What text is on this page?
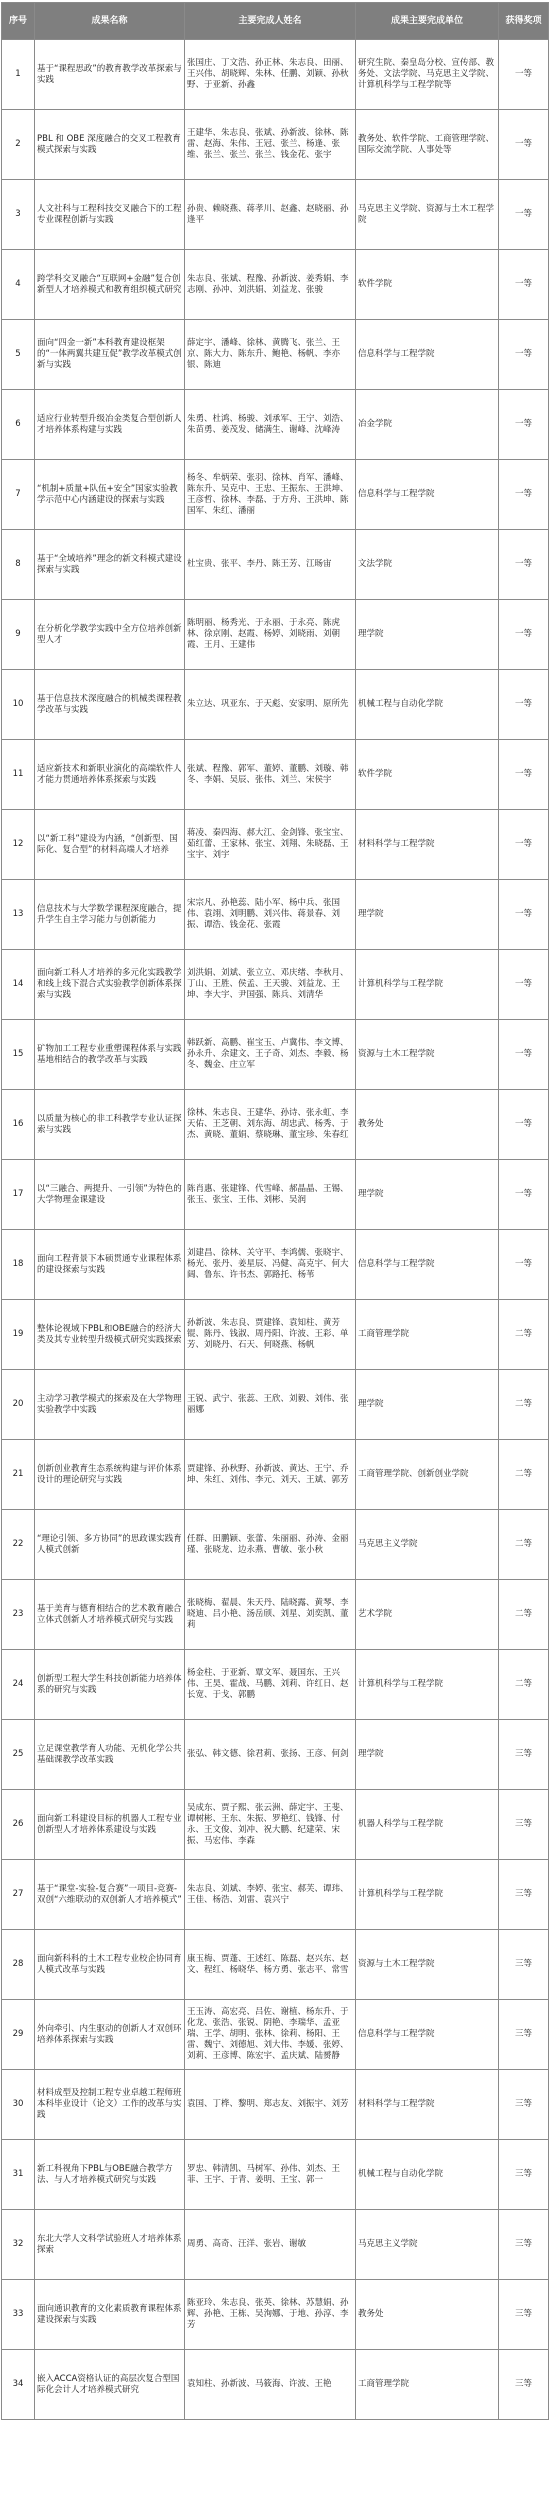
序号	成果名称	主要完成人姓名	成果主要完成单位	获得奖项
1	基于“课程思政”的教育教学改革探索与实践	张国庄、丁文浩、孙正林、朱志良、田丽、王兴伟、胡晓辉、朱林、任鹏、刘颖、孙秋野、于亚新、孙鑫	研究生院、秦皇岛分校、宣传部、教务处、文法学院、马克思主义学院、计算机科学与工程学院等	一等
2	PBL 和 OBE 深度融合的交叉工程教育模式探索与实践	王建华、朱志良、张斌、孙新波、徐林、陈雷、赵海、朱伟、王冠、张兰、杨逢、张维、张兰、张兰、张兰、钱金花、张宇	教务处、软件学院、工商管理学院、国际交流学院、人事处等	一等
3	人文社科与工程科技交叉融合下的工程专业课程创新与实践	孙贵、赖晓燕、蒋孝川、赵鑫、赵晓丽、孙逢平	马克思主义学院、资源与土木工程学院	一等
4	跨学科交叉融合“互联网+金融”复合创新型人才培养模式和教育组织模式研究	朱志良、张斌、程豫、孙新波、姜秀娟、李志刚、孙冲、刘洪娟、刘益龙、张骏	软件学院	一等
5	面向“四金一新”本科教育建设框架的“一体两翼共建互促”教学改革模式创新与实践	薛定宇、潘峰、徐林、黄腾飞、张兰、王京、陈大力、陈东升、鲍艳、杨帆、李亦银、陈迪	信息科学与工程学院	一等
6	适应行业转型升级冶金类复合型创新人才培养体系构建与实践	朱勇、杜鸿、杨骏、刘承军、王宁、刘浩、朱苗勇、姜茂发、储满生、谢峰、沈峰涛	冶金学院	一等
7	“机制+质量+队伍+安全”国家实验教学示范中心内涵建设的探索与实践	杨冬、牟炳荣、张羽、徐林、肖军、潘峰、陈东升、吴克中、王忠、王振东、王洪坤、王彦哲、徐林、李磊、于方舟、王洪坤、陈国军、朱红、潘丽	信息科学与工程学院	一等
8	基于“全域培养”理念的新文科模式建设探索与实践	杜宝贵、张平、李丹、陈王芳、江旸宙	文法学院	一等
9	在分析化学教学实践中全方位培养创新型人才	陈明丽、杨秀光、于永丽、于永亮、陈虎林、徐京刚、赵霞、杨婷、刘晓雨、刘朝霞、王月、王建伟	理学院	一等
10	基于信息技术深度融合的机械类课程教学改革与实践	朱立达、巩亚东、于天彪、安家明、原所先	机械工程与自动化学院	一等
11	适应新技术和新职业演化的高端软件人才能力贯通培养体系探索与实践	张斌、程豫、郭军、董婷、董鹏、刘璇、韩冬、李娟、吴辰、张伟、刘兰、宋侯宇	软件学院	一等
12	以“新工科”建设为内涵，“创新型、国际化、复合型”的材料高端人才培养	蒋凌、秦四海、郝大江、金剑锋、张宝宝、茹红蕾、王家林、张宝、刘翔、朱晓磊、王宝宇、刘宇	材料科学与工程学院	一等
13	信息技术与大学数学课程深度融合，提升学生自主学习能力与创新能力	宋宗凡、孙艳蕊、陆小军、杨中兵、张国伟、袁翊、刘明鹏、刘兴伟、蒋景春、刘振、谭浩、钱金花、张霞	理学院	一等
14	面向新工科人才培养的多元化实践教学和线上线下混合式实验教学创新体系探索与实践	刘洪娟、刘斌、张立立、邓庆绪、李秋月、丁山、王胜、侯孟、王天骏、刘益龙、王坤、李大宇、尹国强、陈兵、刘清华	计算机科学与工程学院	一等
15	矿物加工工程专业重塑课程体系与实践基地相结合的教学改革与实践	韩跃新、高鹏、崔宝玉、卢冀伟、李文博、孙永升、余建文、王子奇、刘杰、李毅、杨冬、魏金、庄立军	资源与土木工程学院	一等
16	以质量为核心的非工科教学专业认证探索与实践	徐林、朱志良、王建华、孙诗、张永虹、李天佑、王芝朝、刘东海、胡忠武、杨秀、于杰、黄晓、董娟、蔡晓琳、董宝珍、朱春红	教务处	一等
17	以“三融合、两提升、一引领”为特色的大学物理金课建设	陈肖惠、张建锋、代雪峰、郝晶晶、王锡、张玉、张宝、王伟、刘彬、吴润	理学院	一等
18	面向工程背景下本硕贯通专业课程体系的建设探索与实践	刘建昌、徐林、关守平、李鸿儒、张晓宇、杨光、张丹、姜星辰、冯健、高克宇、何大阔、鲁东、许书杰、郭路托、杨苇	信息科学与工程学院	一等
19	整体论视域下PBL和OBE融合的经济大类及其专业转型升级模式研究实践探索	孙新波、朱志良、贾建锋、袁知柱、黄芳锟、陈丹、钱淑、周丹阳、许波、王彩、单芳、刘晓丹、石天、何晓燕、杨帆	工商管理学院	二等
20	主动学习教学模式的探索及在大学物理实验教学中实践	王锐、武宁、张蕊、王欣、刘毅、刘伟、张丽娜	理学院	二等
21	创新创业教育生态系统构建与评价体系设计的理论研究与实践	贾建锋、孙秋野、孙新波、黄达、王宁、乔坤、朱红、刘伟、李元、刘天、王斌、郭芳	工商管理学院、创新创业学院	二等
22	“理论引领、多方协同”的思政课实践育人模式创新	任群、田鹏颖、张蕾、朱丽丽、孙涛、金丽瑾、张晓龙、边永燕、曹敏、张小秋	马克思主义学院	二等
23	基于美育与德育相结合的艺术教育融合立体式创新人才培养模式研究与实践	张晓梅、翟晨、朱天丹、陆晓露、黄琴、李晓迪、吕小艳、汤岳颀、刘星、刘奕凯、董莉	艺术学院	二等
24	创新型工程大学生科技创新能力培养体系的研究与实践	杨金柱、于亚新、覃文军、聂国东、王兴伟、王昊、霍战、马鹏、刘莉、许红日、赵长宽、于戈、郭鹏	计算机科学与工程学院	二等
25	立足课堂教学育人功能、无机化学公共基础课教学改革实践	张弘、韩文德、徐君莉、张扬、王彦、何剑	理学院	三等
26	面向新工科建设目标的机器人工程专业创新型人才培养体系建设与实践	吴成东、贾子熙、张云洲、薛定宇、王斐、谭树彬、王东、朱振、罗艳红、钱锋、付永、王文俊、刘冲、祝大鹏、纪建荣、宋振、马宏伟、李森	机器人科学与工程学院	三等
27	基于“课堂-实验-复合赛”一项目-竞赛-双创“六维联动的双创新人才培养模式”	朱志良、刘斌、李婷、张宝、郝芙、谭玮、王佳、杨浩、刘雷、袁兴宁	计算机科学与工程学院	三等
28	面向新科科的土木工程专业校企协同育人模式改革与实践	康玉梅、贾蓬、王述红、陈磊、赵兴东、赵文、程红、杨晓华、杨方勇、张志平、常雪	资源与土木工程学院	三等
29	外向牵引、内生驱动的创新人才双创环培养体系探索与实践	王玉涛、高宏亮、吕佐、谢植、杨东升、于化龙、张浩、张锐、阴艳、李瑞华、孟亚瑞、王学、胡明、张林、徐莉、杨阳、王雷、魏宁、刘德旭、刘大伟、李媛、张婷、刘莉、王彦博、陈宏宇、孟庆斌、陆赟静	信息科学与工程学院	三等
30	材料成型及控制工程专业卓越工程师班本科毕业设计（论文）工作的改革与实践	袁国、丁桦、黎明、郑志友、刘振宇、刘芳	材料科学与工程学院	三等
31	新工科视角下PBL与OBE融合教学方法、与人才培养模式研究与实践	罗忠、韩清凯、马树军、孙伟、刘杰、王菲、王宇、于青、姜明、王宝、郭一	机械工程与自动化学院	三等
32	东北大学人文科学试验班人才培养体系探索	周勇、高奇、汪洋、张岩、谢敏	马克思主义学院	三等
33	面向通识教育的文化素质教育课程体系建设探索与实践	陈亚玲、朱志良、张英、徐林、苏慧娟、孙辉、孙艳、王栋、吴洵娜、于地、孙淳、李芳	教务处	三等
34	嵌入ACCA资格认证的高层次复合型国际化会计人才培养模式研究	袁知柱、孙新波、马筱海、许波、王艳	工商管理学院	三等
